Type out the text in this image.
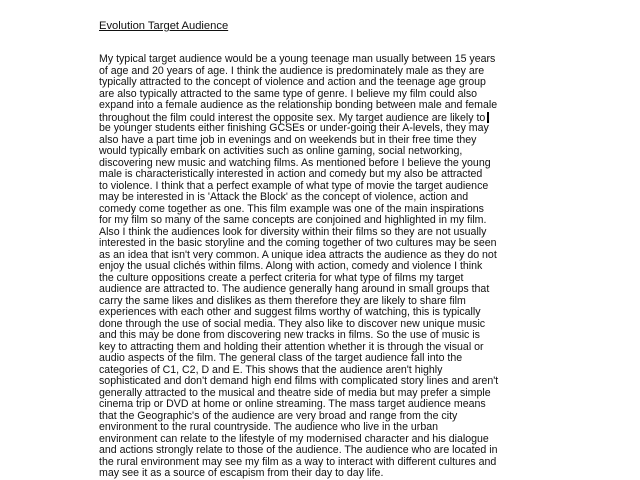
Evolution Target Audience
My typical target audience would be a young teenage man usually between 15 years
of age and 20 years of age. I think the audience is predominately male as they are
typically attracted to the concept of violence and action and the teenage age group
are also typically attracted to the same type of genre. I believe my film could also
expand into a female audience as the relationship bonding between male and female
throughout the film could interest the opposite sex. My target audience are likely to
be younger students either finishing GCSEs or under-going their A-levels, they may
also have a part time job in evenings and on weekends but in their free time they
would typically embark on activities such as online gaming, social networking,
discovering new music and watching films. As mentioned before I believe the young
male is characteristically interested in action and comedy but my also be attracted
to violence. I think that a perfect example of what type of movie the target audience
may be interested in is 'Attack the Block' as the concept of violence, action and
comedy come together as one. This film example was one of the main inspirations
for my film so many of the same concepts are conjoined and highlighted in my film.
Also I think the audiences look for diversity within their films so they are not usually
interested in the basic storyline and the coming together of two cultures may be seen
as an idea that isn't very common. A unique idea attracts the audience as they do not
enjoy the usual clichés within films. Along with action, comedy and violence I think
the culture oppositions create a perfect criteria for what type of films my target
audience are attracted to. The audience generally hang around in small groups that
carry the same likes and dislikes as them therefore they are likely to share film
experiences with each other and suggest films worthy of watching, this is typically
done through the use of social media. They also like to discover new unique music
and this may be done from discovering new tracks in films. So the use of music is
key to attracting them and holding their attention whether it is through the visual or
audio aspects of the film. The general class of the target audience fall into the
categories of C1, C2, D and E. This shows that the audience aren't highly
sophisticated and don't demand high end films with complicated story lines and aren't
generally attracted to the musical and theatre side of media but may prefer a simple
cinema trip or DVD at home or online streaming. The mass target audience means
that the Geographic's of the audience are very broad and range from the city
environment to the rural countryside. The audience who live in the urban
environment can relate to the lifestyle of my modernised character and his dialogue
and actions strongly relate to those of the audience. The audience who are located in
the rural environment may see my film as a way to interact with different cultures and
may see it as a source of escapism from their day to day life.
